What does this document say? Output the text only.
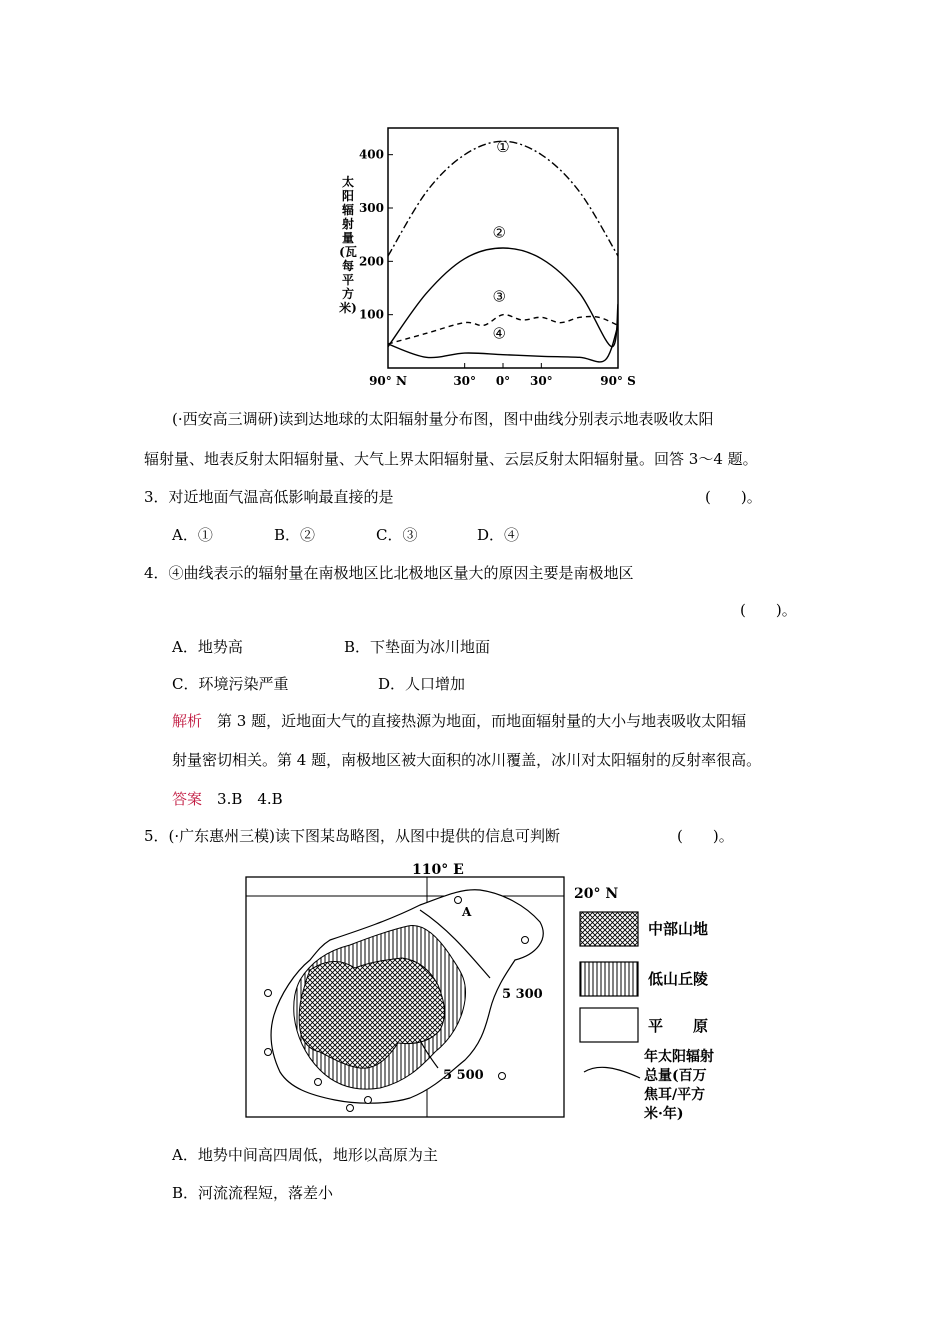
400
300
200
100
90° N	30° 0° 30°	90° S
太
阳
辐
射
量
(瓦
每
平
方
米)
①
②
③
④
(·西安高三调研)读到达地球的太阳辐射量分布图，图中曲线分别表示地表吸收太阳
辐射量、地表反射太阳辐射量、大气上界太阳辐射量、云层反射太阳辐射量。回答 3～4 题。
3．对近地面气温高低影响最直接的是	(　　)。
A．①	B．②	C．③	D．④
4．④曲线表示的辐射量在南极地区比北极地区量大的原因主要是南极地区
(　　)。
A．地势高	B．下垫面为冰川地面
C．环境污染严重	D．人口增加
解析　 第 3 题，近地面大气的直接热源为地面，而地面辐射量的大小与地表吸收太阳辐
射量密切相关。第 4 题，南极地区被大面积的冰川覆盖，冰川对太阳辐射的反射率很高。
答案　 3.B　4.B
5．(·广东惠州三模)读下图某岛略图，从图中提供的信息可判断	(　　)。
110° E
20° N
A
5 300
5 500
中部山地
低山丘陵
平　　原
年太阳辐射
总量(百万
焦耳/平方
米·年)
A．地势中间高四周低，地形以高原为主
B．河流流程短，落差小
